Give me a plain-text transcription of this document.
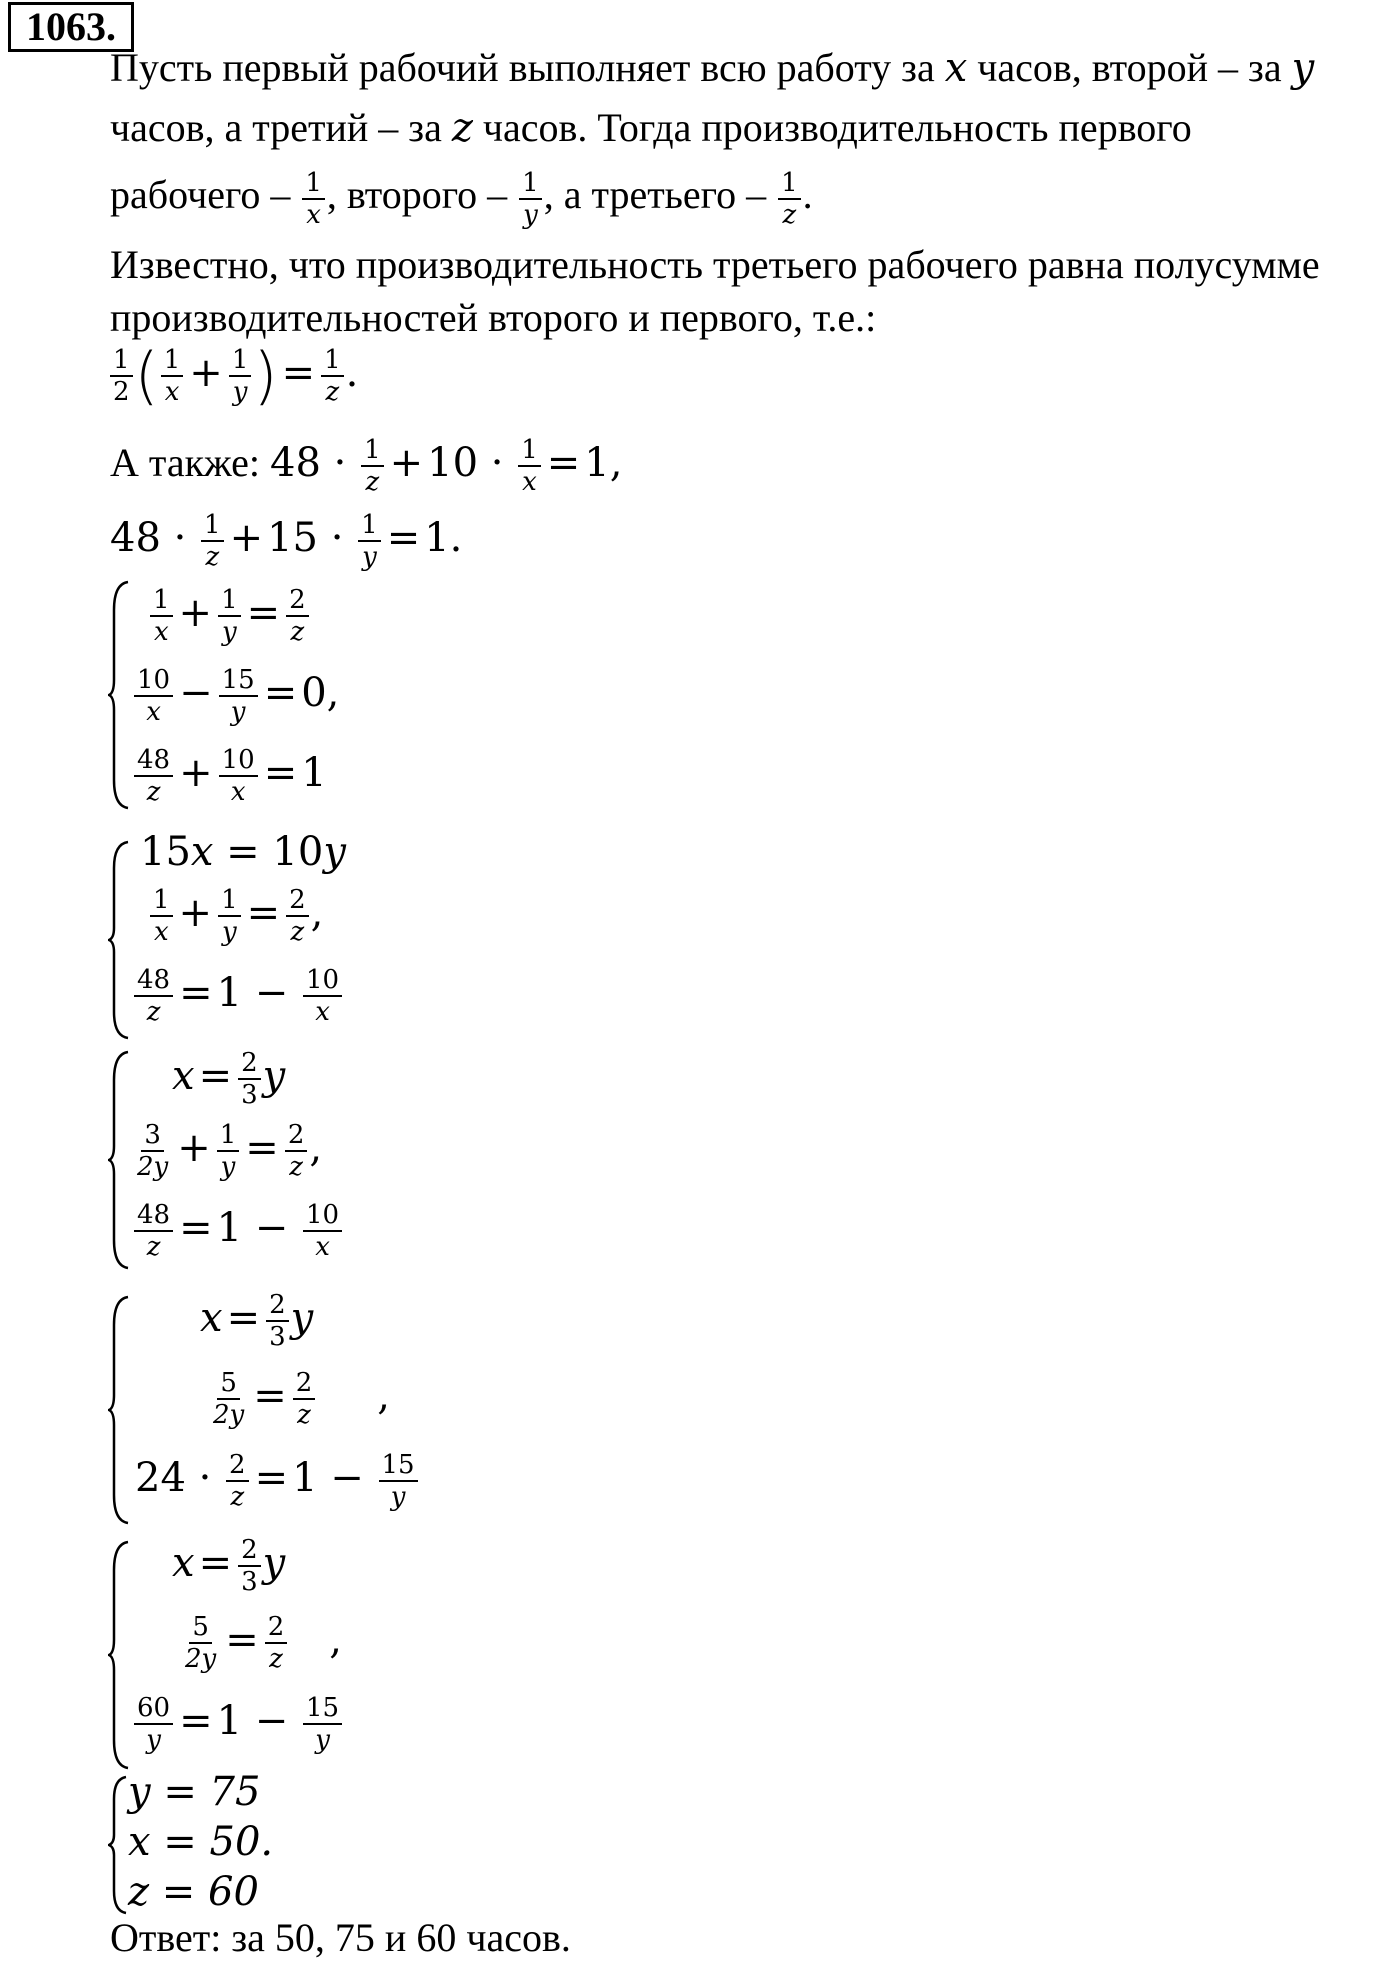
1063.
Пусть первый рабочий выполняет всю работу за x часов, второй – за y
часов, а третий – за z часов. Тогда производительность первого
рабочего – $\frac{1}{x}$ , второго – $\frac{1}{y}$ , а третьего – $\frac{1}{z}$ .
Известно, что производительность третьего рабочего равна полусумме
производительностей второго и первого, т.е.:
$\frac{1}{2}$ ( $\frac{1}{x} + \frac{1}{y}$ ) = $\frac{1}{z}$ .
А также: $48 \cdot \frac{1}{z} + 10 \cdot \frac{1}{x} = 1$,
$48 \cdot \frac{1}{z} + 15 \cdot \frac{1}{y} = 1$.
$\frac{1}{x} + \frac{1}{y} = \frac{2}{z}$
$\frac{10}{x} - \frac{15}{y} = 0$,
$\frac{48}{z} + \frac{10}{x} = 1$
15x = 10y
$\frac{1}{x} + \frac{1}{y} = \frac{2}{z}$ ,
$\frac{48}{z} = 1 - \frac{10}{x}$
$x = \frac{2}{3}$ y
$\frac{3}{2y} + \frac{1}{y} = \frac{2}{z}$ ,
$\frac{48}{z} = 1 - \frac{10}{x}$
$x = \frac{2}{3}$ y
$\frac{5}{2y} = \frac{2}{z}$ ,
$24 \cdot \frac{2}{z} = 1 - \frac{15}{y}$
$x = \frac{2}{3}$ y
$\frac{5}{2y} = \frac{2}{z}$ ,
$\frac{60}{y} = 1 - \frac{15}{y}$
y = 75
x = 50.
z = 60
Ответ: за 50, 75 и 60 часов.
